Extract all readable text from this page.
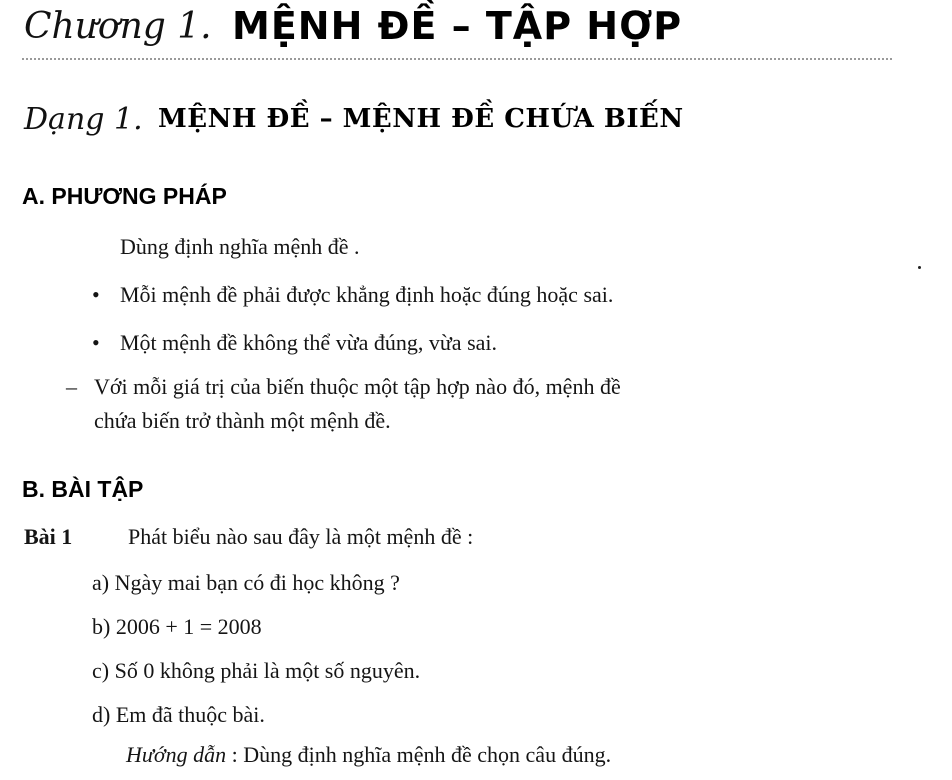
Chương 1. MỆNH ĐỀ – TẬP HỢP
Dạng 1. MỆNH ĐỀ – MỆNH ĐỀ CHỨA BIẾN
A. PHƯƠNG PHÁP
Dùng định nghĩa mệnh đề .
• Mỗi mệnh đề phải được khẳng định hoặc đúng hoặc sai.
• Một mệnh đề không thể vừa đúng, vừa sai.
– Với mỗi giá trị của biến thuộc một tập hợp nào đó, mệnh đề
chứa biến trở thành một mệnh đề.
B. BÀI TẬP
Bài 1	Phát biểu nào sau đây là một mệnh đề :
a) Ngày mai bạn có đi học không ?
b) 2006 + 1 = 2008
c) Số 0 không phải là một số nguyên.
d) Em đã thuộc bài.
Hướng dẫn : Dùng định nghĩa mệnh đề chọn câu đúng.
